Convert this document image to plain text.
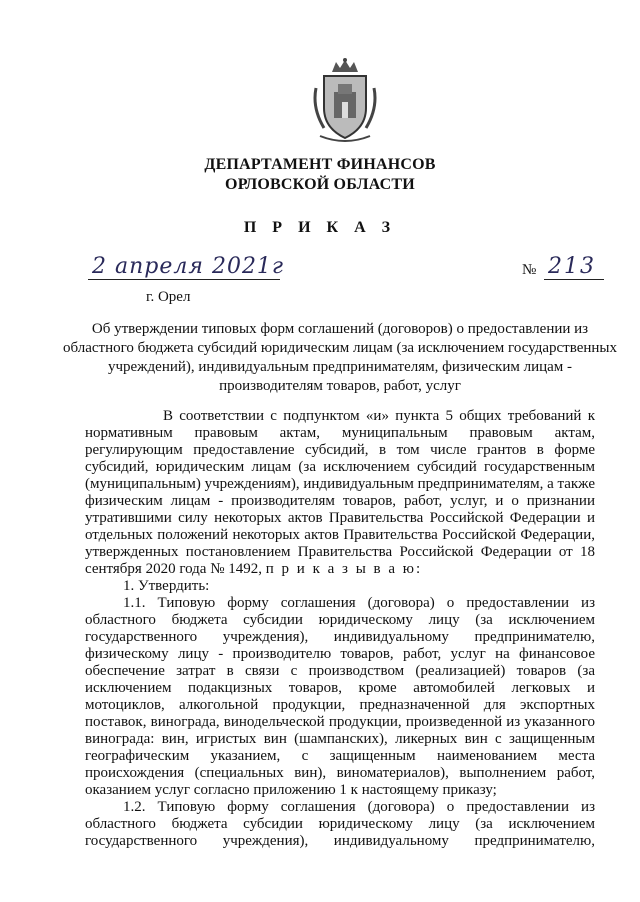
ДЕПАРТАМЕНТ ФИНАНСОВ
ОРЛОВСКОЙ ОБЛАСТИ
П Р И К А З
2 апреля 2021г	№ 213
г. Орел
Об утверждении типовых форм соглашений (договоров) о предоставлении из областного бюджета субсидий юридическим лицам (за исключением государственных учреждений), индивидуальным предпринимателям, физическим лицам - производителям товаров, работ, услуг

В соответствии с подпунктом «и» пункта 5 общих требований к нормативным правовым актам, муниципальным правовым актам, регулирующим предоставление субсидий, в том числе грантов в форме субсидий, юридическим лицам (за исключением субсидий государственным (муниципальным) учреждениям), индивидуальным предпринимателям, а также физическим лицам - производителям товаров, работ, услуг, и о признании утратившими силу некоторых актов Правительства Российской Федерации и отдельных положений некоторых актов Правительства Российской Федерации, утвержденных постановлением Правительства Российской Федерации от 18 сентября 2020 года № 1492, п р и к а з ы в а ю:

1. Утвердить:

1.1. Типовую форму соглашения (договора) о предоставлении из областного бюджета субсидии юридическому лицу (за исключением государственного учреждения), индивидуальному предпринимателю, физическому лицу - производителю товаров, работ, услуг на финансовое обеспечение затрат в связи с производством (реализацией) товаров (за исключением подакцизных товаров, кроме автомобилей легковых и мотоциклов, алкогольной продукции, предназначенной для экспортных поставок, винограда, винодельческой продукции, произведенной из указанного винограда: вин, игристых вин (шампанских), ликерных вин с защищенным географическим указанием, с защищенным наименованием места происхождения (специальных вин), виноматериалов), выполнением работ, оказанием услуг согласно приложению 1 к настоящему приказу;

1.2. Типовую форму соглашения (договора) о предоставлении из областного бюджета субсидии юридическому лицу (за исключением государственного учреждения), индивидуальному предпринимателю,
